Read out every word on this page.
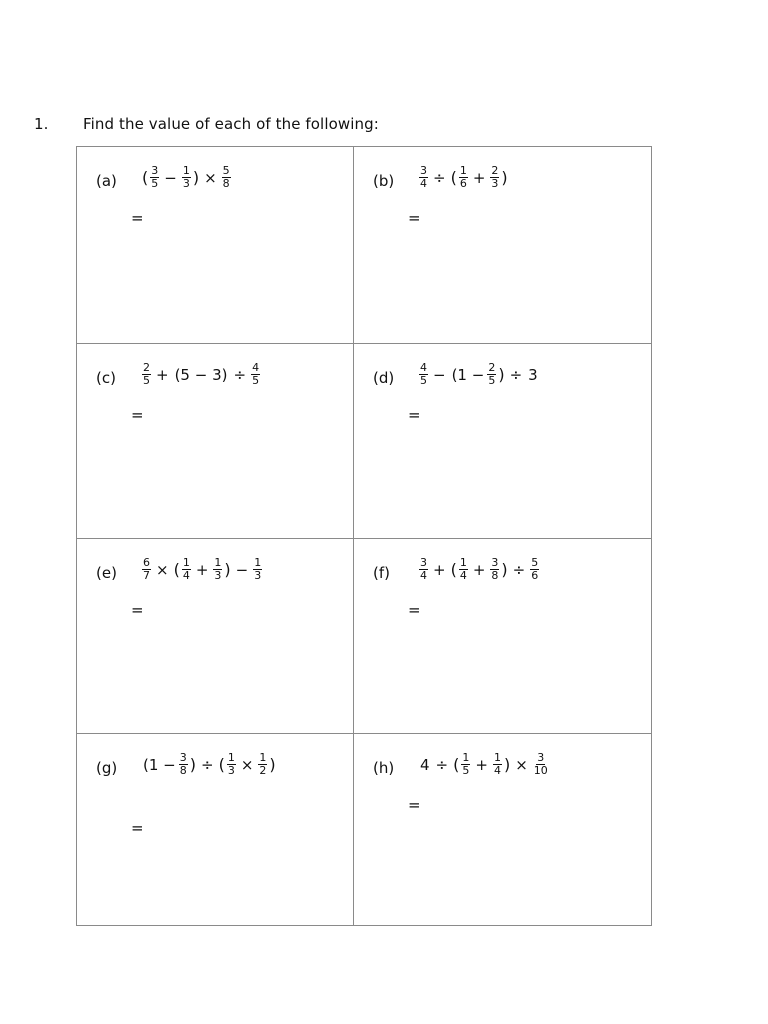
1. Find the value of each of the following:
(a) ( $\frac{3}{5} - \frac{1}{3}$ ) × $\frac{5}{8}$
=
$(b) \frac{3}{4}$ ÷ ( $\frac{1}{6} + \frac{2}{3}$ )
=
$(c) \frac{2}{5} + (5 - 3) \div \frac{4}{5}$
=
$(d) \frac{4}{5} - (1 - \frac{2}{5}$ ) ÷ 3
=
$(e) \frac{6}{7}$ × ( $\frac{1}{4} + \frac{1}{3}$ ) − $\frac{1}{3}$
=
(f)	$\frac{3}{4}$ + ( $\frac{1}{4} + \frac{3}{8}$ ) ÷ $\frac{5}{6}$
=
(g) ($1 - \frac{3}{8}$ ) ÷ ( $\frac{1}{3} \times \frac{1}{2}$ )
=
(h) 4 ÷ ( $\frac{1}{5} + \frac{1}{4}$ ) × $\frac{3}{10}$
=
